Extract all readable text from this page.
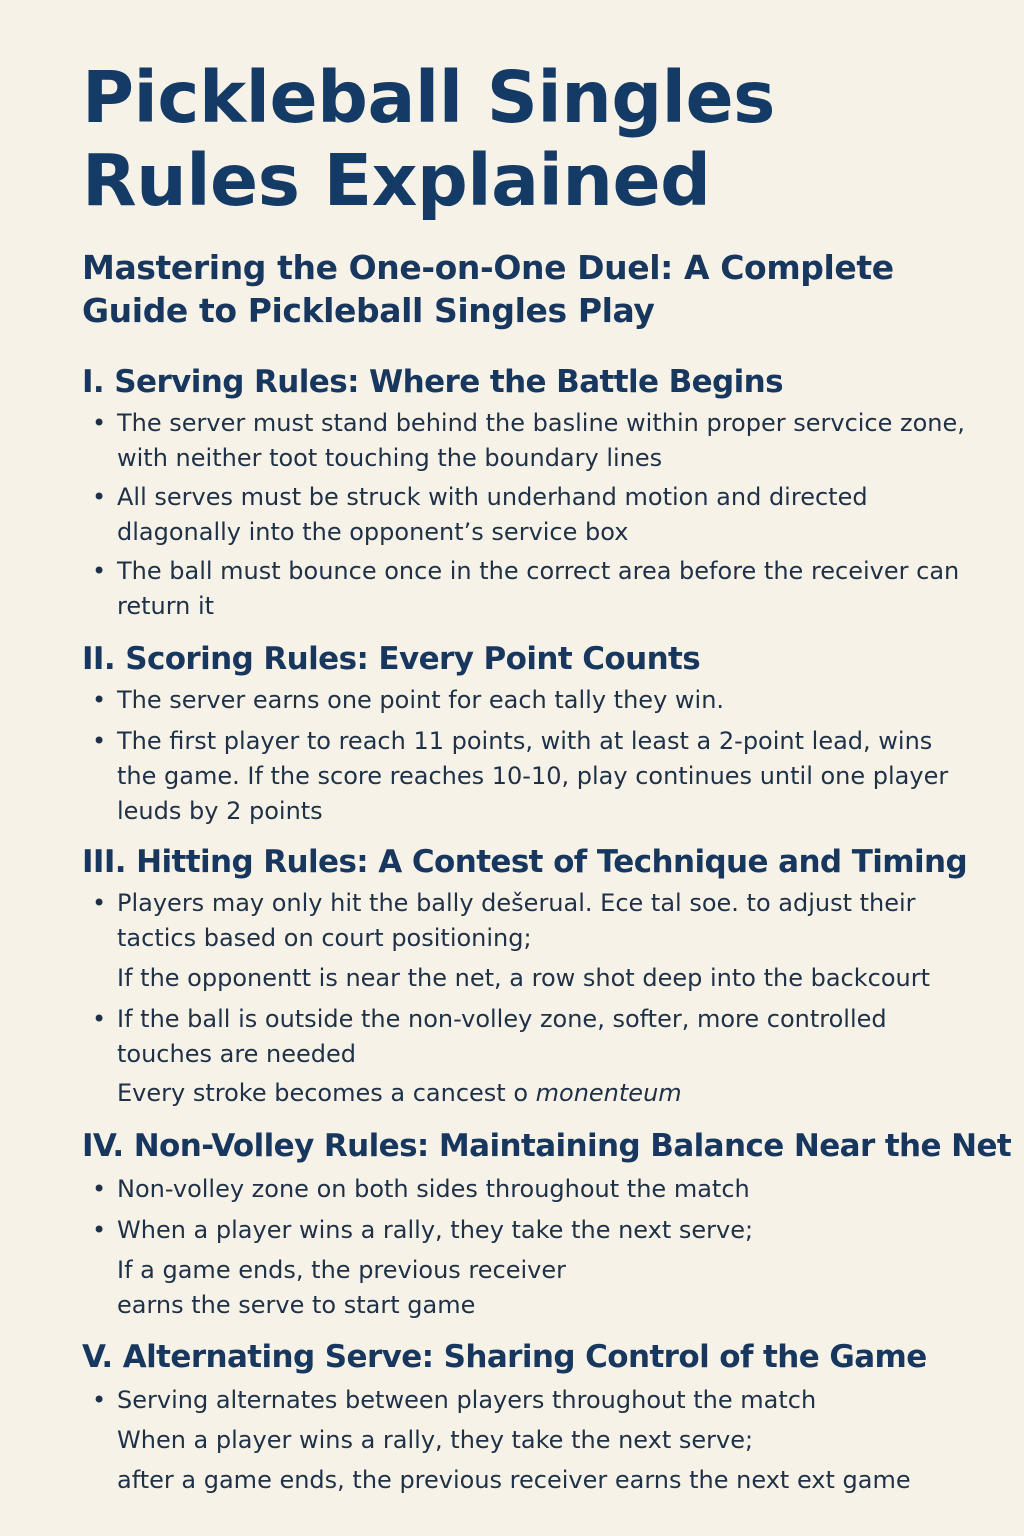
Pickleball Singles
Rules Explained
Mastering the One-on-One Duel: A Complete
Guide to Pickleball Singles Play
I. Serving Rules: Where the Battle Begins
• The server must stand behind the basline within proper servcice zone, with neither toot touching the boundary lines
• All serves must be struck with underhand motion and directed dlagonally into the opponent’s service box
• The ball must bounce once in the correct area before the receiver can return it
II. Scoring Rules: Every Point Counts
• The server earns one point for each tally they win.
• The first player to reach 11 points, with at least a 2-point lead, wins the game. If the score reaches 10-10, play continues until one player leuds by 2 points
III. Hitting Rules: A Contest of Technique and Timing
• Players may only hit the bally dešerual. Ece tal soe. to adjust their tactics based on court positioning;
If the opponentt is near the net, a row shot deep into the backcourt
• If the ball is outside the non-volley zone, softer, more controlled touches are needed
Every stroke becomes a cancest o monenteum
IV. Non-Volley Rules: Maintaining Balance Near the Net
• Non-volley zone on both sides throughout the match
• When a player wins a rally, they take the next serve;
If a game ends, the previous receiver
earns the serve to start game
V. Alternating Serve: Sharing Control of the Game
• Serving alternates between players throughout the match
When a player wins a rally, they take the next serve;
after a game ends, the previous receiver earns the next ext game
